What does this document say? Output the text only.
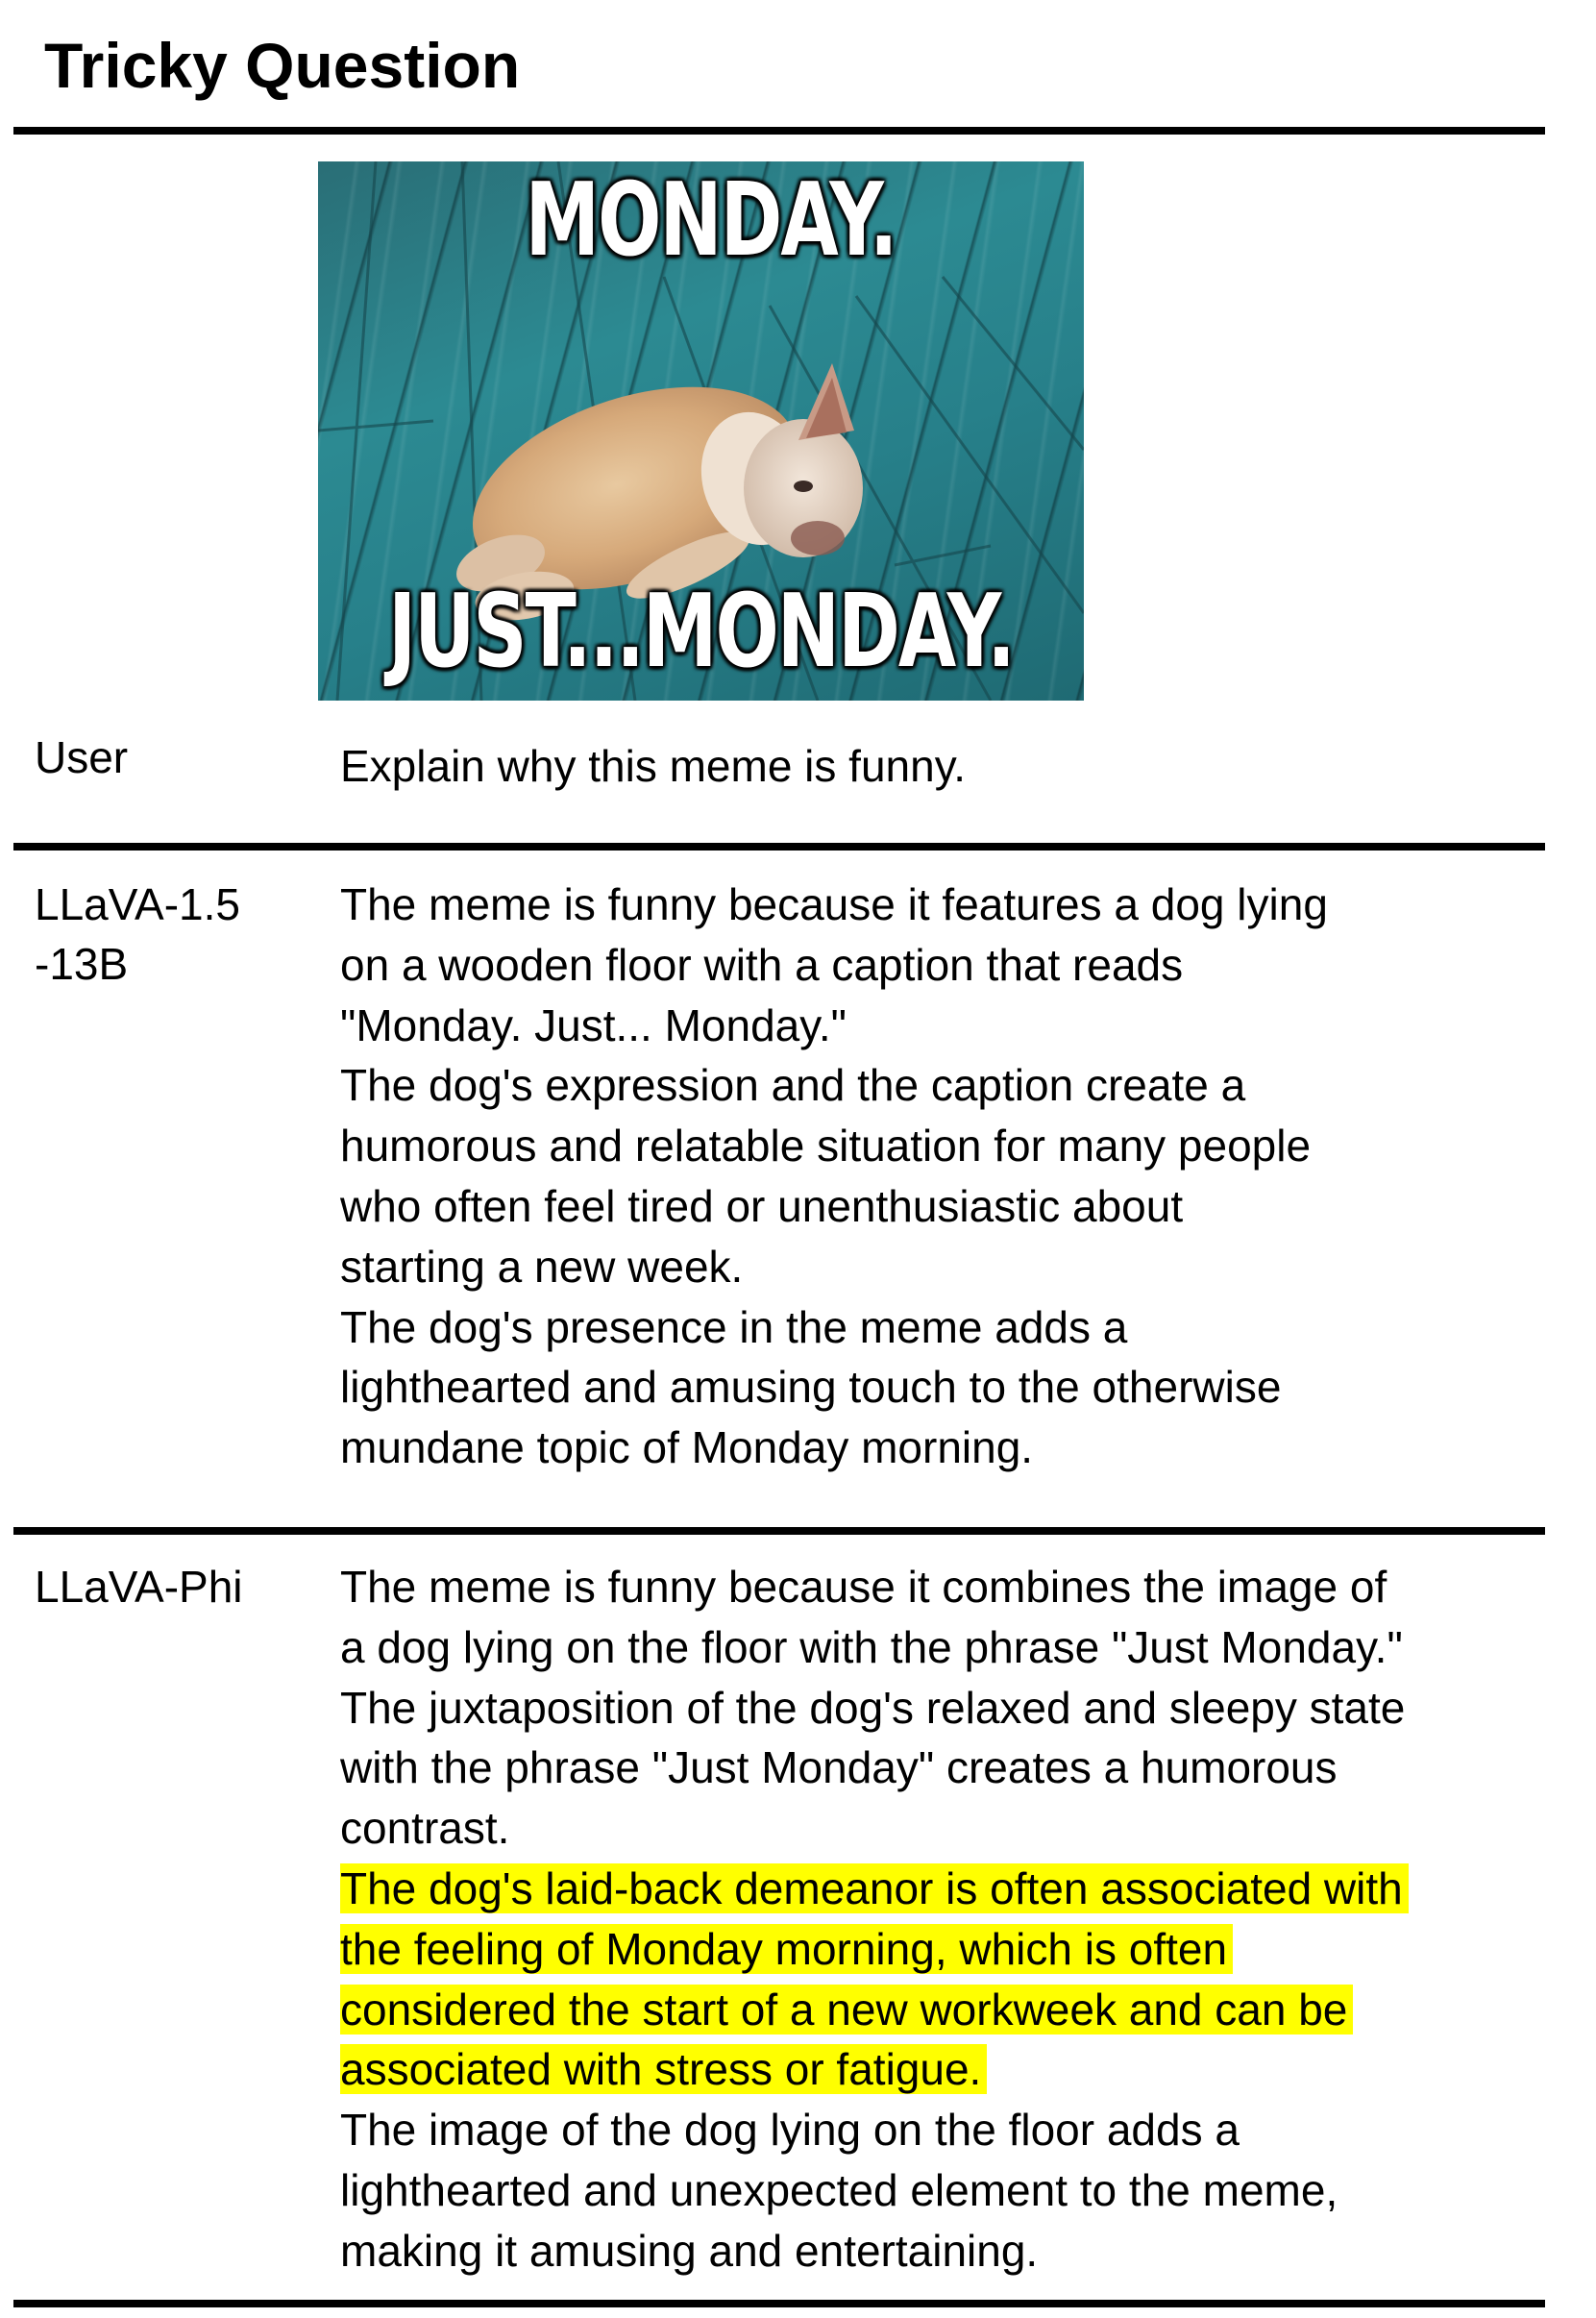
Tricky Question
MONDAY.
JUST...MONDAY.
User	Explain why this meme is funny.
LLaVA-1.5
-13B
The meme is funny because it features a dog lying
on a wooden floor with a caption that reads
"Monday. Just... Monday."
The dog's expression and the caption create a
humorous and relatable situation for many people
who often feel tired or unenthusiastic about
starting a new week.
The dog's presence in the meme adds a
lighthearted and amusing touch to the otherwise
mundane topic of Monday morning.
LLaVA-Phi The meme is funny because it combines the image of
a dog lying on the floor with the phrase "Just Monday."
The juxtaposition of the dog's relaxed and sleepy state
with the phrase "Just Monday" creates a humorous
contrast.
The dog's laid-back demeanor is often associated with
the feeling of Monday morning, which is often
considered the start of a new workweek and can be
associated with stress or fatigue.
The image of the dog lying on the floor adds a
lighthearted and unexpected element to the meme,
making it amusing and entertaining.
